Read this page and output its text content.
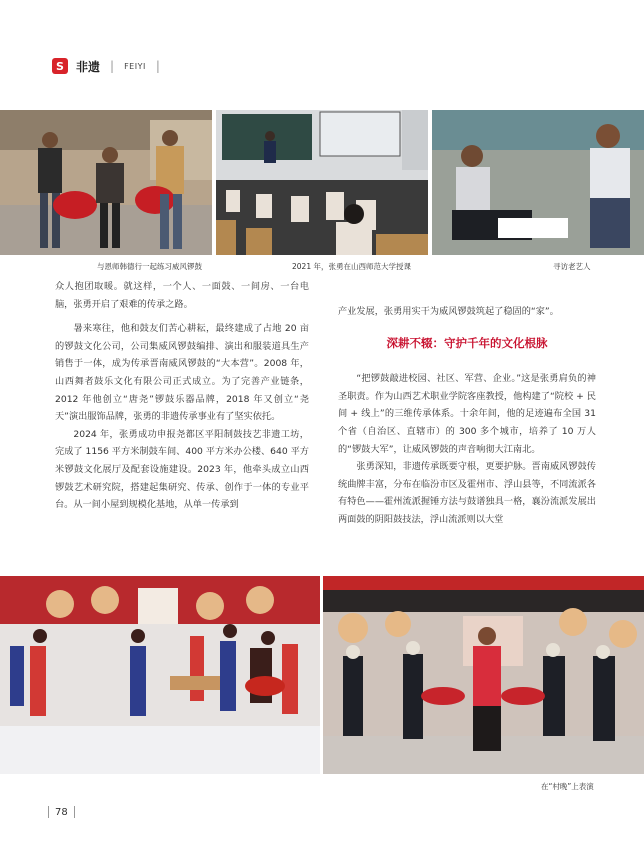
S	非遗 | FEIYI |
与恩师韩德行一起练习威风锣鼓	2021 年，张勇在山西师范大学授课	寻访老艺人

众人抱团取暖。就这样，一个人、一面鼓、一间房、一台电脑，张勇开启了艰难的传承之路。

暑来寒往，他和鼓友们苦心耕耘，最终建成了占地 20 亩的锣鼓文化公司，公司集威风锣鼓编排、演出和服装道具生产销售于一体，成为传承晋南威风锣鼓的“大本营”。2008 年，山西舞者鼓乐文化有限公司正式成立。为了完善产业链条，2012 年他创立“唐尧”锣鼓乐器品牌，2018 年又创立“尧天”演出服饰品牌，张勇的非遗传承事业有了坚实依托。

2024 年，张勇成功申报尧都区平阳制鼓技艺非遗工坊，完成了 1156 平方米制鼓车间、400 平方米办公楼、640 平方米锣鼓文化展厅及配套设施建设。2023 年，他牵头成立山西锣鼓艺术研究院，搭建起集研究、传承、创作于一体的专业平台。从一间小屋到规模化基地，从单一传承到

产业发展，张勇用实干为威风锣鼓筑起了稳固的“家”。

深耕不辍：守护千年的文化根脉

“把锣鼓敲进校园、社区、军营、企业。”这是张勇肩负的神圣职责。作为山西艺术职业学院客座教授，他构建了“院校 + 民间 + 线上”的三维传承体系。十余年间，他的足迹遍布全国 31 个省（自治区、直辖市）的 300 多个城市，培养了 10 万人的“锣鼓大军”，让威风锣鼓的声音响彻大江南北。

张勇深知，非遗传承既要守根，更要护脉。晋南威风锣鼓传统曲牌丰富，分布在临汾市区及霍州市、浮山县等，不同流派各有特色——霍州流派握锤方法与鼓谱独具一格，襄汾流派发展出两面鼓的阴阳鼓技法，浮山流派则以大堂

在“村晚”上表演
78
